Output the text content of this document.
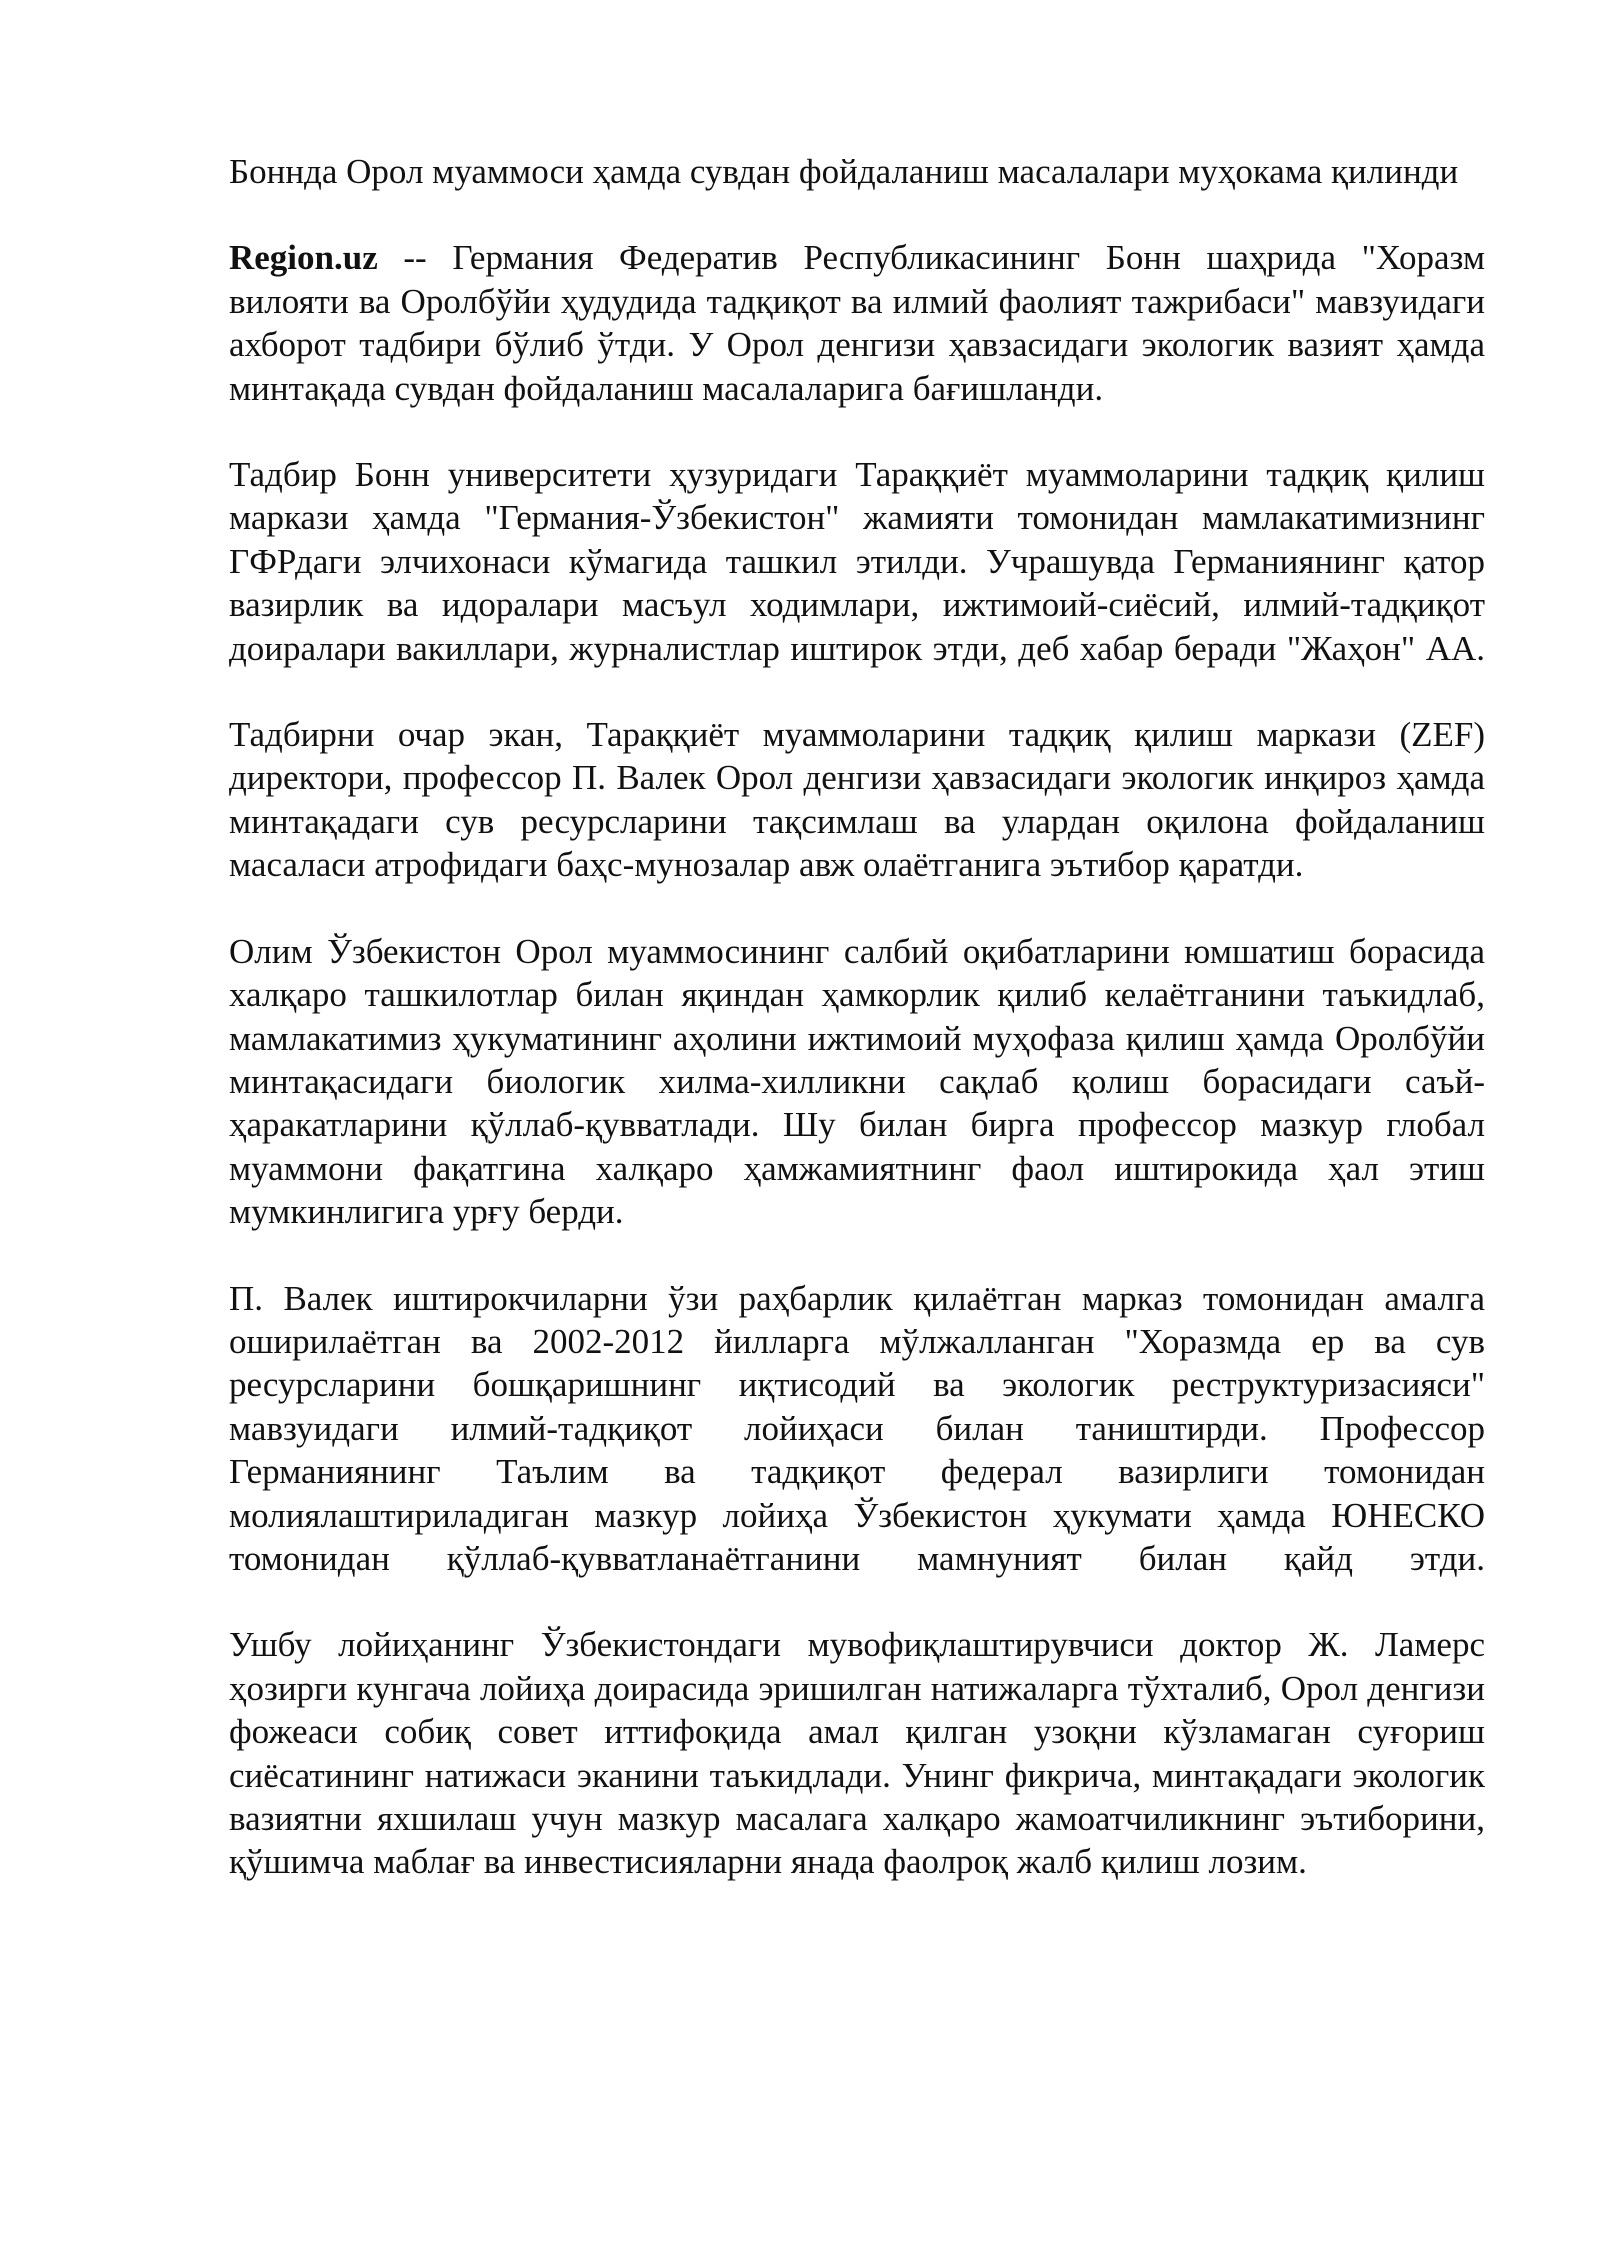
Боннда Орол муаммоси ҳамда сувдан фойдаланиш масалалари муҳокама қилинди

Region.uz -- Германия Федератив Республикасининг Бонн шаҳрида "Хоразм вилояти ва Оролбўйи ҳудудида тадқиқот ва илмий фаолият тажрибаси" мавзуидаги ахборот тадбири бўлиб ўтди. У Орол денгизи ҳавзасидаги экологик вазият ҳамда минтақада сувдан фойдаланиш масалаларига бағишланди.

Тадбир Бонн университети ҳузуридаги Тараққиёт муаммоларини тадқиқ қилиш маркази ҳамда "Германия-Ўзбекистон" жамияти томонидан мамлакатимизнинг ГФРдаги элчихонаси кўмагида ташкил этилди. Учрашувда Германиянинг қатор вазирлик ва идоралари масъул ходимлари, ижтимоий-сиёсий, илмий-тадқиқот доиралари вакиллари, журналистлар иштирок этди, деб хабар беради "Жаҳон" АА.

Тадбирни очар экан, Тараққиёт муаммоларини тадқиқ қилиш маркази (ZEF) директори, профессор П. Валек Орол денгизи ҳавзасидаги экологик инқироз ҳамда минтақадаги сув ресурсларини тақсимлаш ва улардан оқилона фойдаланиш масаласи атрофидаги баҳс-мунозалар авж олаётганига эътибор қаратди.

Олим Ўзбекистон Орол муаммосининг салбий оқибатларини юмшатиш борасида халқаро ташкилотлар билан яқиндан ҳамкорлик қилиб келаётганини таъкидлаб, мамлакатимиз ҳукуматининг аҳолини ижтимоий муҳофаза қилиш ҳамда Оролбўйи минтақасидаги биологик хилма-хилликни сақлаб қолиш борасидаги саъй-ҳаракатларини қўллаб-қувватлади. Шу билан бирга профессор мазкур глобал муаммони фақатгина халқаро ҳамжамиятнинг фаол иштирокида ҳал этиш мумкинлигига урғу берди.

П. Валек иштирокчиларни ўзи раҳбарлик қилаётган марказ томонидан амалга оширилаётган ва 2002-2012 йилларга мўлжалланган "Хоразмда ер ва сув ресурсларини бошқаришнинг иқтисодий ва экологик реструктуризасияси" мавзуидаги илмий-тадқиқот лойиҳаси билан таништирди. Профессор Германиянинг Таълим ва тадқиқот федерал вазирлиги томонидан молиялаштириладиган мазкур лойиҳа Ўзбекистон ҳукумати ҳамда ЮНЕСКО томонидан қўллаб-қувватланаётганини мамнуният билан қайд этди.

Ушбу лойиҳанинг Ўзбекистондаги мувофиқлаштирувчиси доктор Ж. Ламерс ҳозирги кунгача лойиҳа доирасида эришилган натижаларга тўхталиб, Орол денгизи фожеаси собиқ совет иттифоқида амал қилган узоқни кўзламаган суғориш сиёсатининг натижаси эканини таъкидлади. Унинг фикрича, минтақадаги экологик вазиятни яхшилаш учун мазкур масалага халқаро жамоатчиликнинг эътиборини, қўшимча маблағ ва инвестисияларни янада фаолроқ жалб қилиш лозим.
